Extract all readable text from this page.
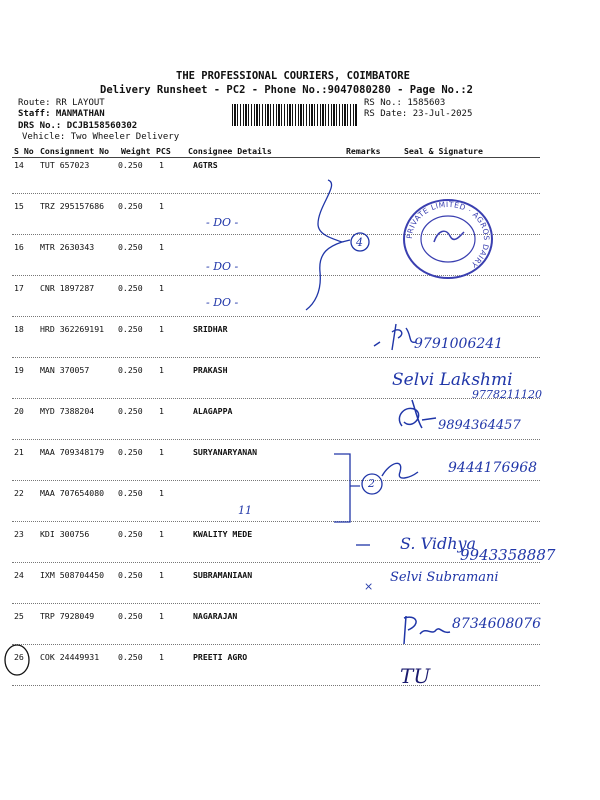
THE PROFESSIONAL COURIERS, COIMBATORE
Delivery Runsheet - PC2 - Phone No.:9047080280 - Page No.:2
Route: RR LAYOUT
Staff: MANMATHAN
DRS No.: DCJB158560302
Vehicle: Two Wheeler Delivery
RS No.: 1585603
RS Date: 23-Jul-2025
S No Consignment No Weight PCS Consignee Details	Remarks	Seal & Signature
14 TUT 657023	0.250 1	AGTRS
15 TRZ 295157686 0.250 1
16 MTR 2630343	0.250 1
17 CNR 1897287	0.250 1
18 HRD 362269191 0.250 1	SRIDHAR
19 MAN 370057	0.250 1	PRAKASH
20 MYD 7388204	0.250 1	ALAGAPPA
21 MAA 709348179 0.250 1	SURYANARYANAN
22 MAA 707654080 0.250 1
23 KDI 300756	0.250 1	KWALITY MEDE
24 IXM 508704450 0.250 1	SUBRAMANIAAN
25 TRP 7928049	0.250 1	NAGARAJAN
26 COK 24449931 0.250 1	PREETI AGRO
- DO -
- DO -
- DO -
11
4	PRIVATE LIMITED · AGROS DAIRY
9791006241
Selvi Lakshmi
9778211120
9894364457
2
9444176968
S. Vidhya
9943358887
×
Selvi Subramani
8734608076
TU
